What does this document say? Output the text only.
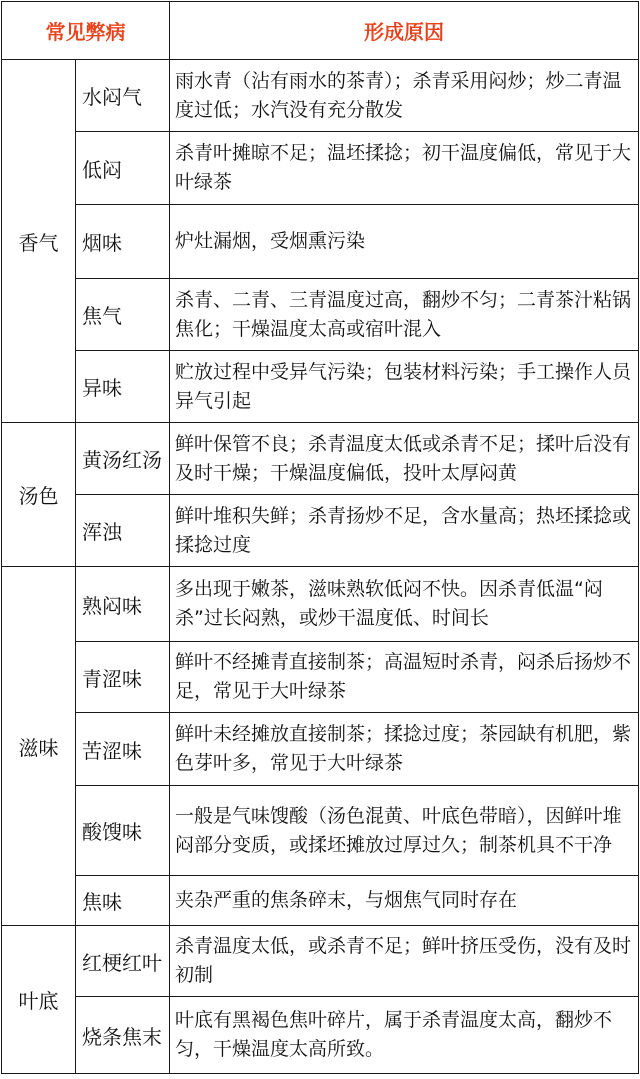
常见弊病		形成原因
香气	水闷气	雨水青（沾有雨水的茶青）；杀青采用闷炒；炒二青温度过低；水汽没有充分散发
	低闷	杀青叶摊晾不足；温坯揉捻；初干温度偏低，常见于大叶绿茶
	烟味	炉灶漏烟，受烟熏污染
	焦气	杀青、二青、三青温度过高，翻炒不匀；二青茶汁粘锅焦化；干燥温度太高或宿叶混入
	异味	贮放过程中受异气污染；包装材料污染；手工操作人员异气引起
汤色	黄汤红汤	鲜叶保管不良；杀青温度太低或杀青不足；揉叶后没有及时干燥；干燥温度偏低，投叶太厚闷黄
	浑浊	鲜叶堆积失鲜；杀青扬炒不足，含水量高；热坯揉捻或揉捻过度
滋味	熟闷味	多出现于嫩茶，滋味熟软低闷不快。因杀青低温“闷杀”过长闷熟，或炒干温度低、时间长
	青涩味	鲜叶不经摊青直接制茶；高温短时杀青，闷杀后扬炒不足，常见于大叶绿茶
	苦涩味	鲜叶未经摊放直接制茶；揉捻过度；茶园缺有机肥，紫色芽叶多，常见于大叶绿茶
	酸馊味	一般是气味馊酸（汤色混黄、叶底色带暗），因鲜叶堆闷部分变质，或揉坯摊放过厚过久；制茶机具不干净
	焦味	夹杂严重的焦条碎末，与烟焦气同时存在
叶底	红梗红叶	杀青温度太低，或杀青不足；鲜叶挤压受伤，没有及时初制
	烧条焦末	叶底有黑褐色焦叶碎片，属于杀青温度太高，翻炒不匀，干燥温度太高所致。
